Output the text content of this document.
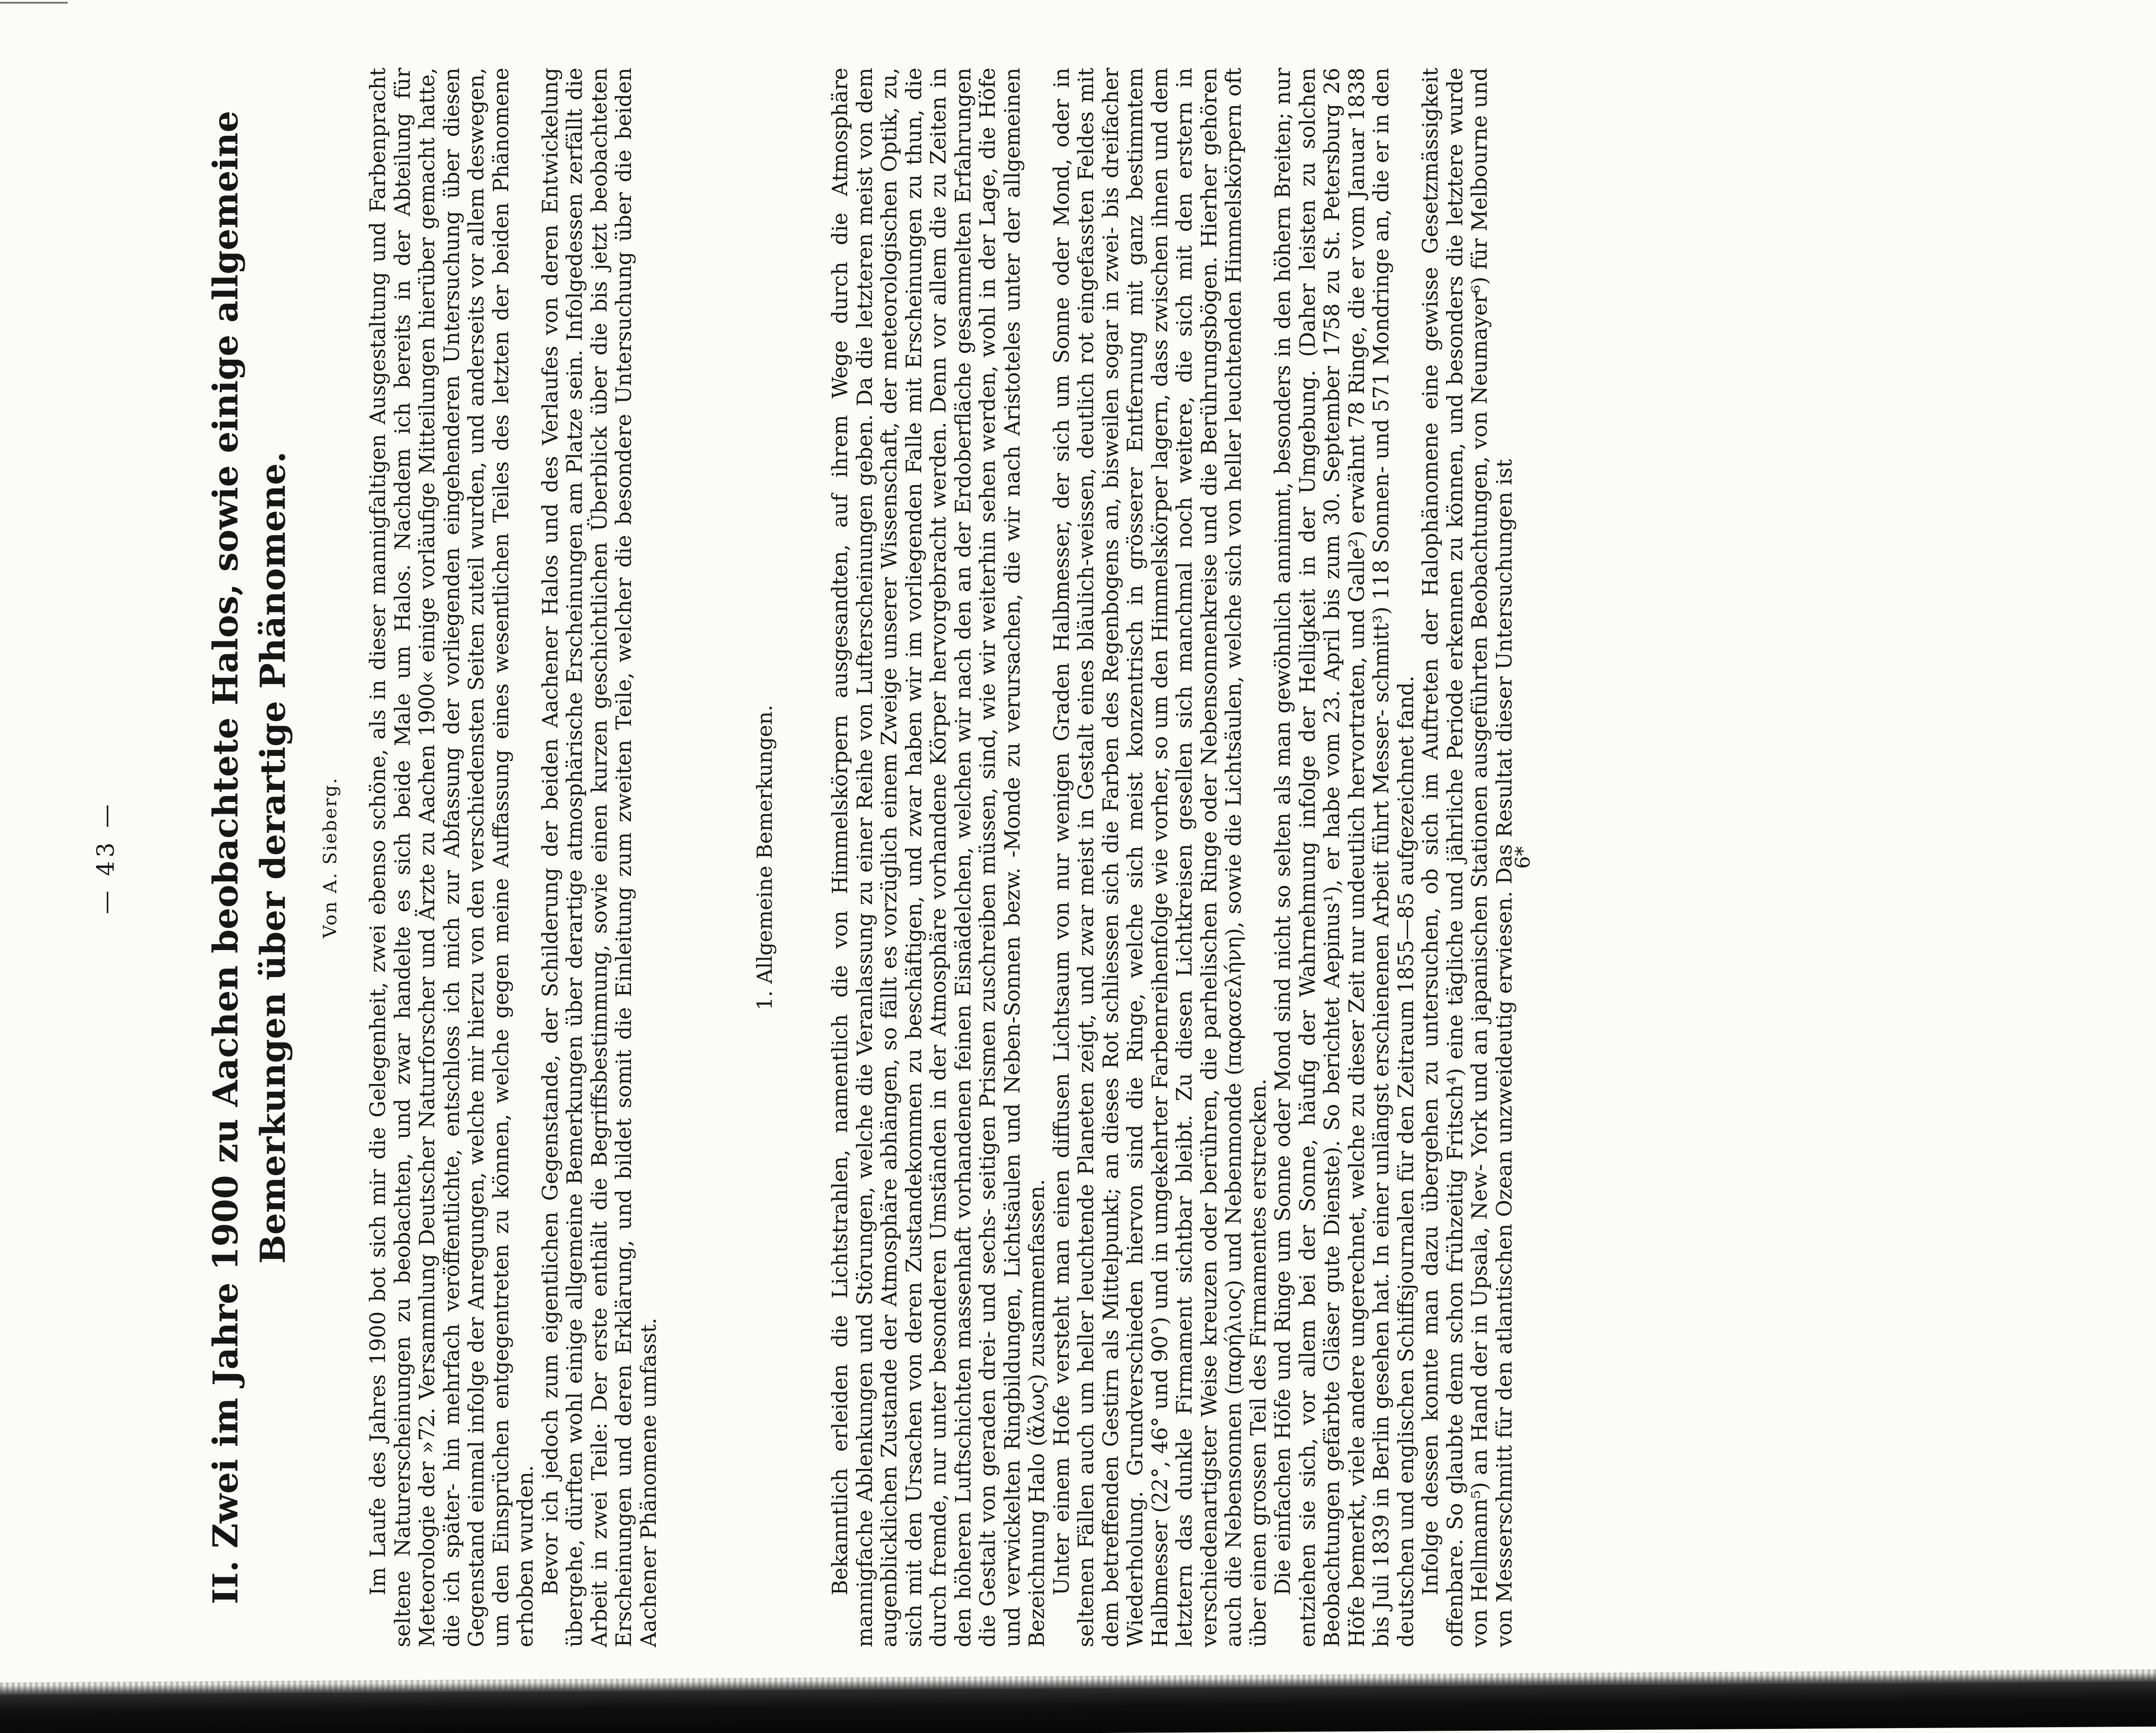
— 43 —	II. Zwei im Jahre 1900 zu Aachen beobachtete Halos, sowie einige allgemeine Bemerkungen über derartige Phänomene. Von A. Sieberg. Im Laufe des Jahres 1900 bot sich mir die Gelegenheit, zwei ebenso schöne, als in dieser mannigfaltigen Ausgestaltung und Farbenpracht seltene Naturerscheinungen zu beobachten, und zwar handelte es sich beide Male um Halos. Nachdem ich bereits in der Abteilung für Meteorologie der »72. Versammlung Deutscher Naturforscher und Ärzte zu Aachen 1900« einige vorläufige Mitteilungen hierüber gemacht hatte, die ich später- hin mehrfach veröffentlichte, entschloss ich mich zur Abfassung der vorliegenden eingehenderen Untersuchung über diesen Gegenstand einmal infolge der Anregungen, welche mir hierzu von den verschiedensten Seiten zuteil wurden, und anderseits vor allem deswegen, um den Einsprüchen entgegentreten zu können, welche gegen meine Auffassung eines wesentlichen Teiles des letzten der beiden Phänomene erhoben wurden. Bevor ich jedoch zum eigentlichen Gegenstande, der Schilderung der beiden Aachener Halos und des Verlaufes von deren Entwickelung übergehe, dürften wohl einige allgemeine Bemerkungen über derartige atmosphärische Erscheinungen am Platze sein. Infolgedessen zerfällt die Arbeit in zwei Teile: Der erste enthält die Begriffsbestimmung, sowie einen kurzen geschichtlichen Überblick über die bis jetzt beobachteten Erscheinungen und deren Erklärung, und bildet somit die Einleitung zum zweiten Teile, welcher die besondere Untersuchung über die beiden Aachener Phänomene umfasst.

1. Allgemeine Bemerkungen. Bekanntlich erleiden die Lichtstrahlen, namentlich die von Himmelskörpern ausgesandten, auf ihrem Wege durch die Atmosphäre mannigfache Ablenkungen und Störungen, welche die Veranlassung zu einer Reihe von Lufterscheinungen geben. Da die letzteren meist von dem augenblicklichen Zustande der Atmosphäre abhängen, so fällt es vorzüglich einem Zweige unserer Wissenschaft, der meteorologischen Optik, zu, sich mit den Ursachen von deren Zustandekommen zu beschäftigen, und zwar haben wir im vorliegenden Falle mit Erscheinungen zu thun, die durch fremde, nur unter besonderen Umständen in der Atmosphäre vorhandene Körper hervorgebracht werden. Denn vor allem die zu Zeiten in den höheren Luftschichten massenhaft vorhandenen feinen Eisnädelchen, welchen wir nach den an der Erdoberfläche gesammelten Erfahrungen die Gestalt von geraden drei- und sechs- seitigen Prismen zuschreiben müssen, sind, wie wir weiterhin sehen werden, wohl in der Lage, die Höfe und verwickelten Ringbildungen, Lichtsäulen und Neben-Sonnen bezw. -Monde zu verursachen, die wir nach Aristoteles unter der allgemeinen Bezeichnung Halo (ἅλως) zusammenfassen. Unter einem Hofe versteht man einen diffusen Lichtsaum von nur wenigen Graden Halbmesser, der sich um Sonne oder Mond, oder in seltenen Fällen auch um heller leuchtende Planeten zeigt, und zwar meist in Gestalt eines bläulich-weissen, deutlich rot eingefassten Feldes mit dem betreffenden Gestirn als Mittelpunkt; an dieses Rot schliessen sich die Farben des Regenbogens an, bisweilen sogar in zwei- bis dreifacher Wiederholung. Grundverschieden hiervon sind die Ringe, welche sich meist konzentrisch in grösserer Entfernung mit ganz bestimmtem Halbmesser (22°, 46° und 90°) und in umgekehrter Farbenreihenfolge wie vorher, so um den Himmelskörper lagern, dass zwischen ihnen und dem letztern das dunkle Firmament sichtbar bleibt. Zu diesen Lichtkreisen gesellen sich manchmal noch weitere, die sich mit den erstern in verschiedenartigster Weise kreuzen oder berühren, die parhelischen Ringe oder Nebensonnenkreise und die Berührungsbögen. Hierher gehören auch die Nebensonnen (παρήλιος) und Nebenmonde (παρασελήνη), sowie die Lichtsäulen, welche sich von heller leuchtenden Himmelskörpern oft über einen grossen Teil des Firmamentes erstrecken. Die einfachen Höfe und Ringe um Sonne oder Mond sind nicht so selten als man gewöhnlich annimmt, besonders in den höhern Breiten; nur entziehen sie sich, vor allem bei der Sonne, häufig der Wahrnehmung infolge der Helligkeit in der Umgebung. (Daher leisten zu solchen Beobachtungen gefärbte Gläser gute Dienste). So berichtet Aepinus¹), er habe vom 23. April bis zum 30. September 1758 zu St. Petersburg 26 Höfe bemerkt, viele andere ungerechnet, welche zu dieser Zeit nur undeutlich hervortraten, und Galle²) erwähnt 78 Ringe, die er vom Januar 1838 bis Juli 1839 in Berlin gesehen hat. In einer unlängst erschienenen Arbeit führt Messer- schmitt³) 118 Sonnen- und 571 Mondringe an, die er in den deutschen und englischen Schiffsjournalen für den Zeitraum 1855—85 aufgezeichnet fand. Infolge dessen konnte man dazu übergehen zu untersuchen, ob sich im Auftreten der Halophänomene eine gewisse Gesetzmässigkeit offenbare. So glaubte denn schon frühzeitig Fritsch⁴) eine tägliche und jährliche Periode erkennen zu können, und besonders die letztere wurde von Hellmann⁵) an Hand der in Upsala, New- York und an japanischen Stationen ausgeführten Beobachtungen, von Neumayer⁶) für Melbourne und von Messerschmitt für den atlantischen Ozean unzweideutig erwiesen. Das Resultat dieser Untersuchungen ist

6*
